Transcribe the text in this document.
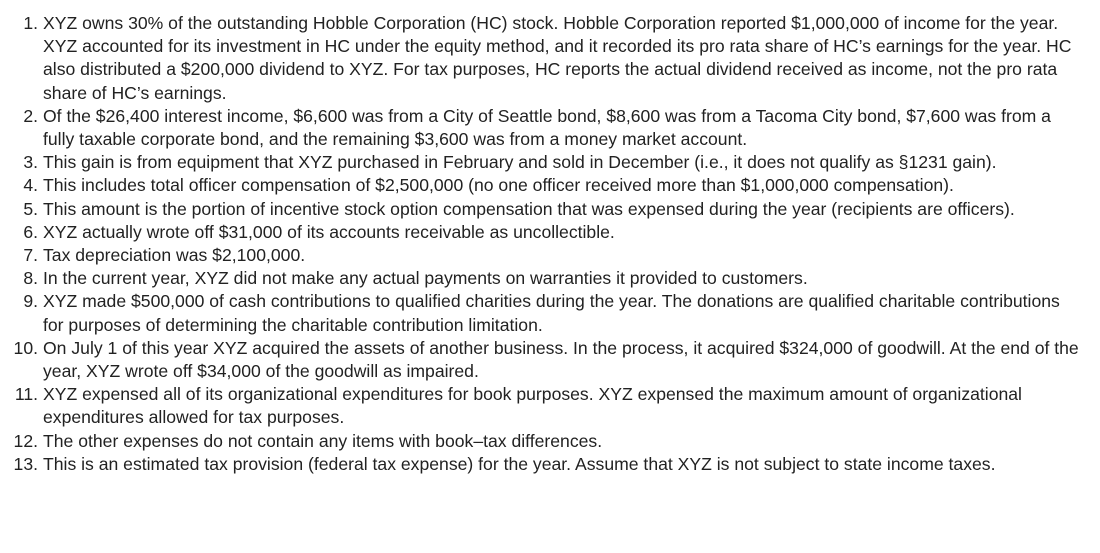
1 . XYZ owns 30% of the outstanding Hobble Corporation (HC) stock. Hobble Corporation reported $1,000,000 of income for the year. XYZ accounted for its investment in HC under the equity method, and it recorded its pro rata share of HC’s earnings for the year. HC also distributed a $200,000 dividend to XYZ. For tax purposes, HC reports the actual dividend received as income, not the pro rata share of HC’s earnings.

2 . Of the $26,400 interest income, $6,600 was from a City of Seattle bond, $8,600 was from a Tacoma City bond, $7,600 was from a fully taxable corporate bond, and the remaining $3,600 was from a money market account.

3 . This gain is from equipment that XYZ purchased in February and sold in December (i.e., it does not qualify as §1231 gain).

4 . This includes total officer compensation of $2,500,000 (no one officer received more than $1,000,000 compensation).

5 . This amount is the portion of incentive stock option compensation that was expensed during the year (recipients are officers).

6 . XYZ actually wrote off $31,000 of its accounts receivable as uncollectible.

7 . Tax depreciation was $2,100,000.

8 . In the current year, XYZ did not make any actual payments on warranties it provided to customers.

9 . XYZ made $500,000 of cash contributions to qualified charities during the year. The donations are qualified charitable contributions for purposes of determining the charitable contribution limitation.

10 . On July 1 of this year XYZ acquired the assets of another business. In the process, it acquired $324,000 of goodwill. At the end of the year, XYZ wrote off $34,000 of the goodwill as impaired.

11 . XYZ expensed all of its organizational expenditures for book purposes. XYZ expensed the maximum amount of organizational expenditures allowed for tax purposes.

12 . The other expenses do not contain any items with book–tax differences.

13 . This is an estimated tax provision (federal tax expense) for the year. Assume that XYZ is not subject to state income taxes.
